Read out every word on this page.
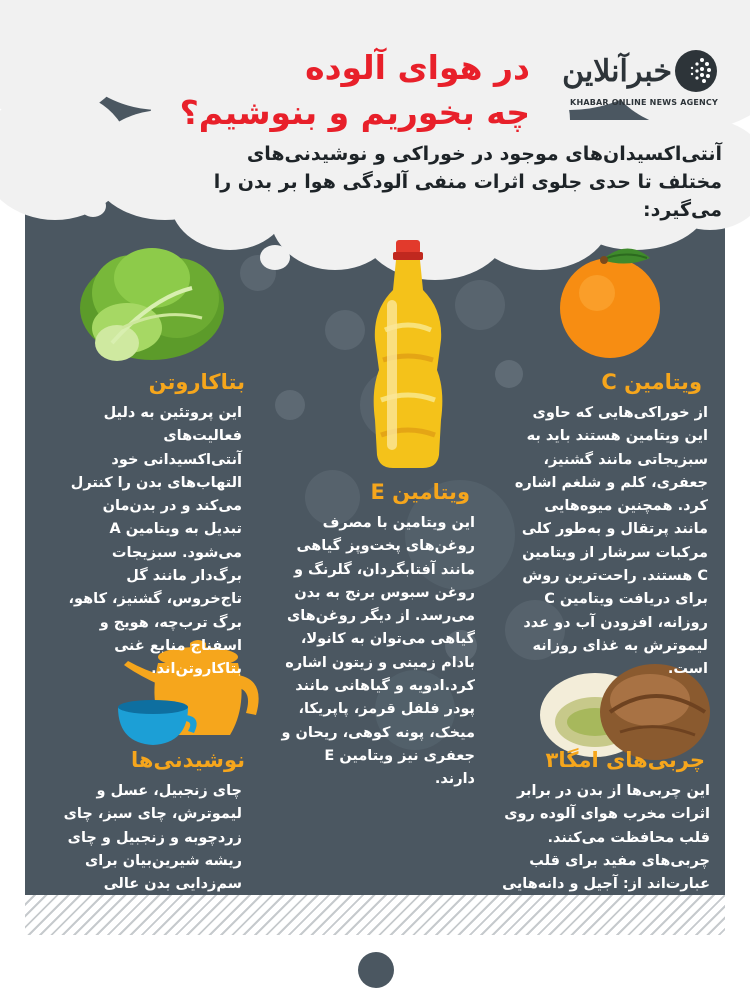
خبرآنلاین
KHABAR ONLINE NEWS AGENCY
در هوای آلوده
چه بخوریم و بنوشیم؟
آنتی‌اکسیدان‌های موجود در خوراکی و نوشیدنی‌های مختلف تا حدی جلوی اثرات منفی آلودگی هوا بر بدن را می‌گیرد:
بتاکاروتن
این پروتئین به دلیل فعالیت‌های آنتی‌اکسیدانی خود التهاب‌های بدن را کنترل می‌کند و در بدن‌مان تبدیل به ویتامین A می‌شود. سبزیجات برگ‌دار مانند گل تاج‌خروس، گشنیز، کاهو، برگ ترب‌چه، هویج و اسفناج منابع غنی بتاکاروتن‌اند.
ویتامین C
از خوراکی‌هایی که حاوی این ویتامین هستند باید به سبزیجاتی مانند گشنیز، جعفری، کلم و شلغم اشاره کرد. همچنین میوه‌هایی مانند پرتقال و به‌طور کلی مرکبات سرشار از ویتامین C هستند. راحت‌ترین روش برای دریافت ویتامین C روزانه، افزودن آب دو عدد لیموترش به غذای روزانه است.
ویتامین E
این ویتامین با مصرف روغن‌های پخت‌وپز گیاهی مانند آفتابگردان، گلرنگ و روغن سبوس برنج به بدن می‌رسد. از دیگر روغن‌های گیاهی می‌توان به کانولا، بادام زمینی و زیتون اشاره کرد.ادویه و گیاهانی مانند پودر فلفل قرمز، پاپریکا، میخک، پونه کوهی، ریحان و جعفری نیز ویتامین E دارند.
نوشیدنی‌ها
چای زنجبیل، عسل و لیموترش، چای سبز، چای زردچوبه و زنجبیل و چای ریشه شیرین‌بیان برای سم‌زدایی بدن عالی
چربی‌های امگا۳
این چربی‌ها از بدن در برابر اثرات مخرب هوای آلوده روی قلب محافظت می‌کنند. چربی‌های مفید برای قلب عبارت‌اند از: آجیل و دانه‌هایی
